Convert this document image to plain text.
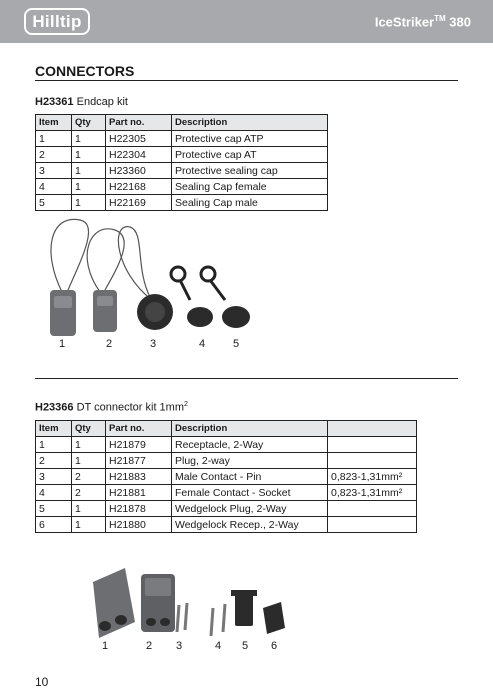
Hilltip	IceStriker™ 380
CONNECTORS
H23361 Endcap kit
Item	Qty	Part no.	Description
1	1	H22305	Protective cap ATP
2	1	H22304	Protective cap AT
3	1	H23360	Protective sealing cap
4	1	H22168	Sealing Cap female
5	1	H22169	Sealing Cap male
1	2	3	4	5
H23366 DT connector kit $1mm^2$
Item	Qty	Part no.	Description	
1	1	H21879	Receptacle, 2-Way	
2	1	H21877	Plug, 2-way	
3	2	H21883	Male Contact - Pin	0,823-1,31mm²
4	2	H21881	Female Contact - Socket	0,823-1,31mm²
5	1	H21878	Wedgelock Plug, 2-Way	
6	1	H21880	Wedgelock Recep., 2-Way	
1	2 3	4 5 6
10
